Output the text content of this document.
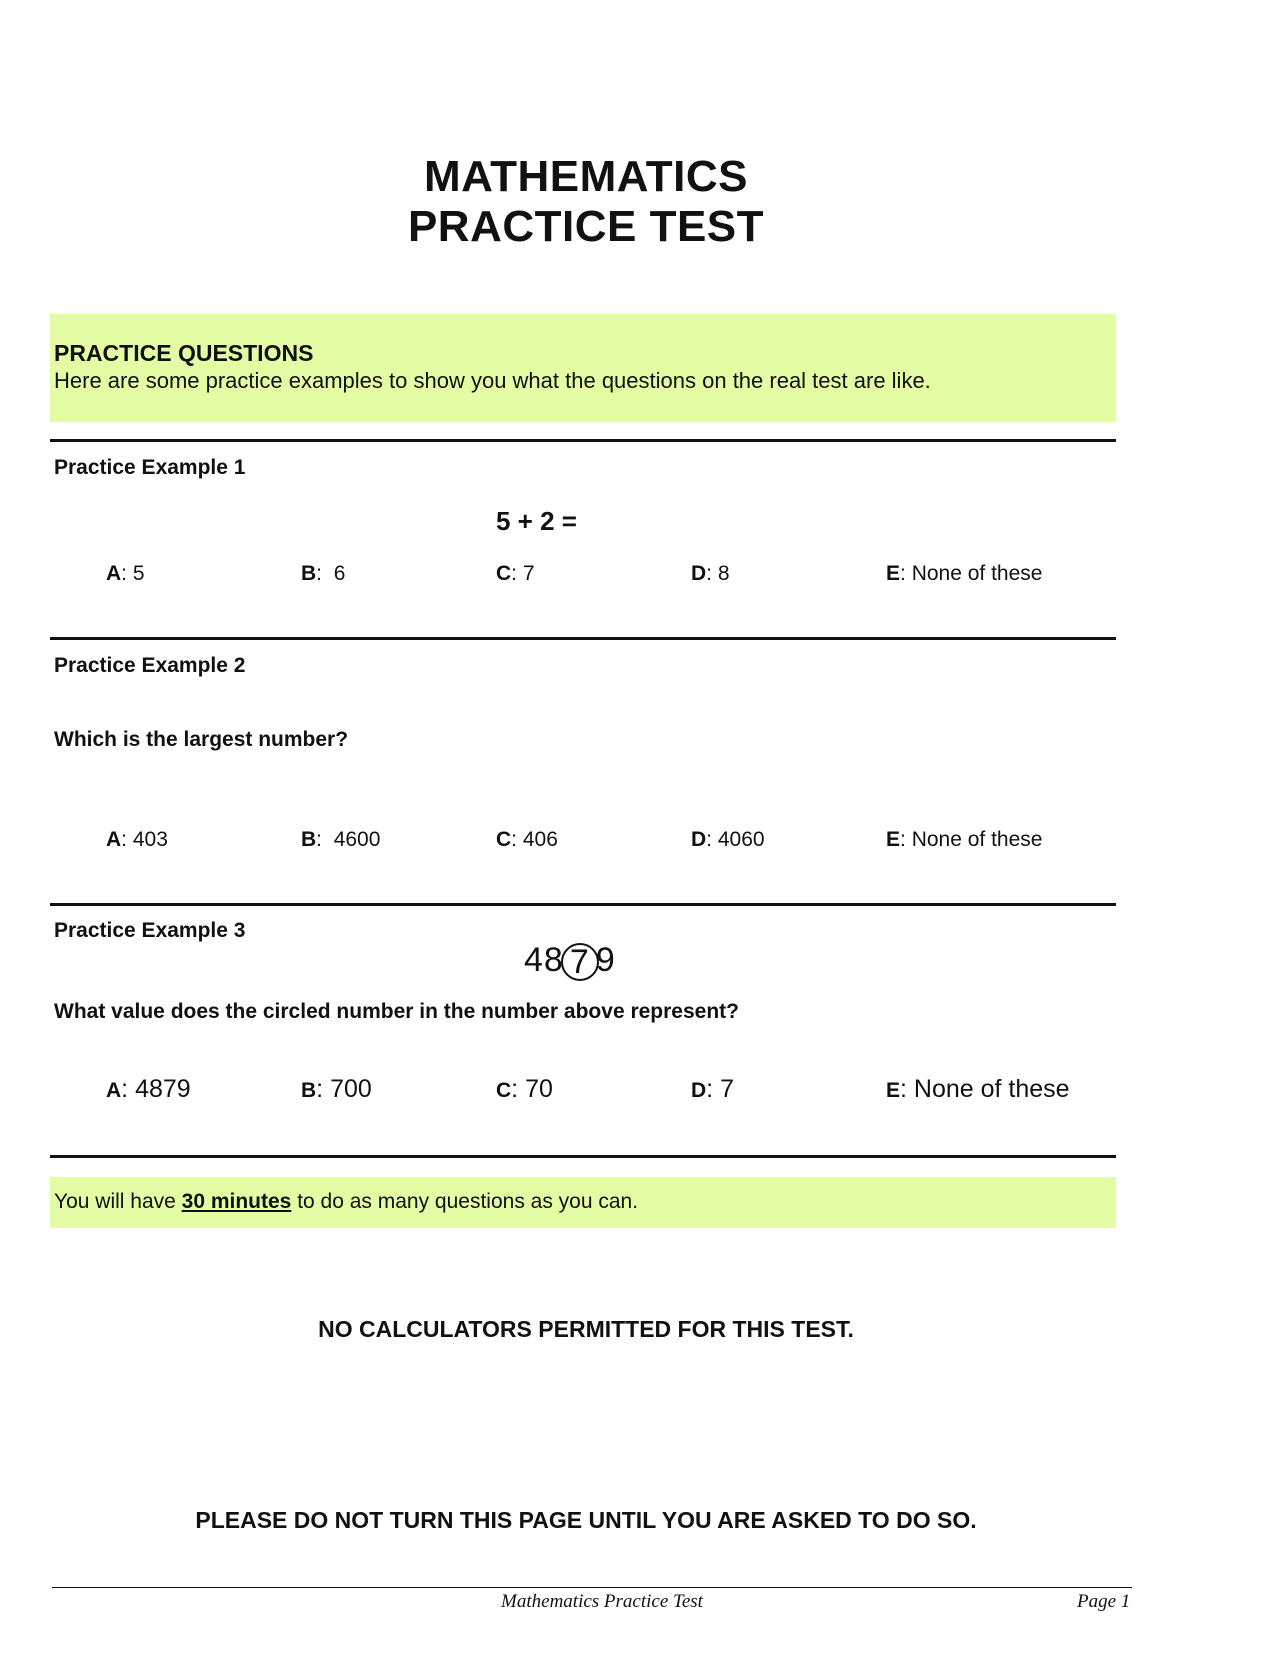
MATHEMATICS
PRACTICE TEST
PRACTICE QUESTIONS
Here are some practice examples to show you what the questions on the real test are like.
Practice Example 1
5 + 2 =
A: 5	B:  6	C: 7	D: 8	E: None of these
Practice Example 2
Which is the largest number?
A: 403	B:  4600	C: 406	D: 4060	E: None of these
Practice Example 3
48 7 9
What value does the circled number in the number above represent?
A: 4879	B: 700	C: 70	D: 7	E: None of these
You will have 30 minutes to do as many questions as you can.
NO CALCULATORS PERMITTED FOR THIS TEST.
PLEASE DO NOT TURN THIS PAGE UNTIL YOU ARE ASKED TO DO SO.
Mathematics Practice Test	Page 1
